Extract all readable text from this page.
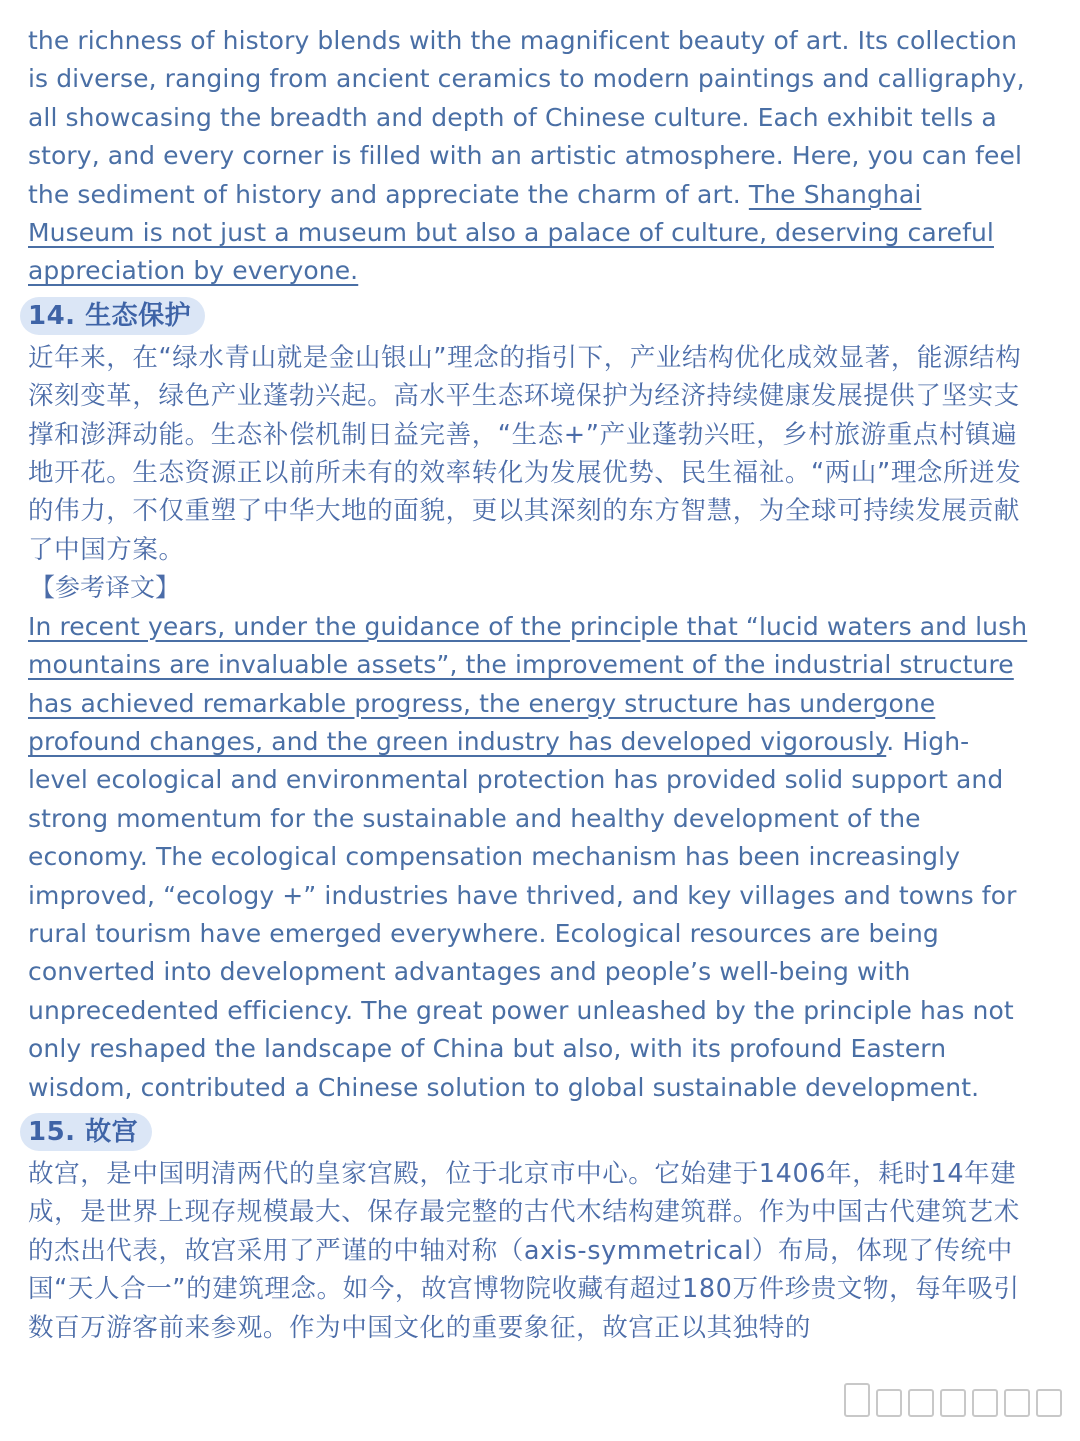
the richness of history blends with the magnificent beauty of art. Its collection is diverse, ranging from ancient ceramics to modern paintings and calligraphy, all showcasing the breadth and depth of Chinese culture. Each exhibit tells a story, and every corner is filled with an artistic atmosphere. Here, you can feel the sediment of history and appreciate the charm of art. The Shanghai Museum is not just a museum but also a palace of culture, deserving careful appreciation by everyone.

14. 生态保护

近年来，在“绿水青山就是金山银山”理念的指引下，产业结构优化成效显著，能源结构深刻变革，绿色产业蓬勃兴起。高水平生态环境保护为经济持续健康发展提供了坚实支撑和澎湃动能。生态补偿机制日益完善，“生态+”产业蓬勃兴旺，乡村旅游重点村镇遍地开花。生态资源正以前所未有的效率转化为发展优势、民生福祉。“两山”理念所迸发的伟力，不仅重塑了中华大地的面貌，更以其深刻的东方智慧，为全球可持续发展贡献了中国方案。

【参考译文】

In recent years, under the guidance of the principle that “lucid waters and lush mountains are invaluable assets”, the improvement of the industrial structure has achieved remarkable progress, the energy structure has undergone profound changes, and the green industry has developed vigorously. High-level ecological and environmental protection has provided solid support and strong momentum for the sustainable and healthy development of the economy. The ecological compensation mechanism has been increasingly improved, “ecology +” industries have thrived, and key villages and towns for rural tourism have emerged everywhere. Ecological resources are being converted into development advantages and people’s well-being with unprecedented efficiency. The great power unleashed by the principle has not only reshaped the landscape of China but also, with its profound Eastern wisdom, contributed a Chinese solution to global sustainable development.

15. 故宫

故宫，是中国明清两代的皇家宫殿，位于北京市中心。它始建于1406年，耗时14年建成，是世界上现存规模最大、保存最完整的古代木结构建筑群。作为中国古代建筑艺术的杰出代表，故宫采用了严谨的中轴对称（axis-symmetrical）布局，体现了传统中国“天人合一”的建筑理念。如今，故宫博物院收藏有超过180万件珍贵文物，每年吸引数百万游客前来参观。作为中国文化的重要象征，故宫正以其独特的
